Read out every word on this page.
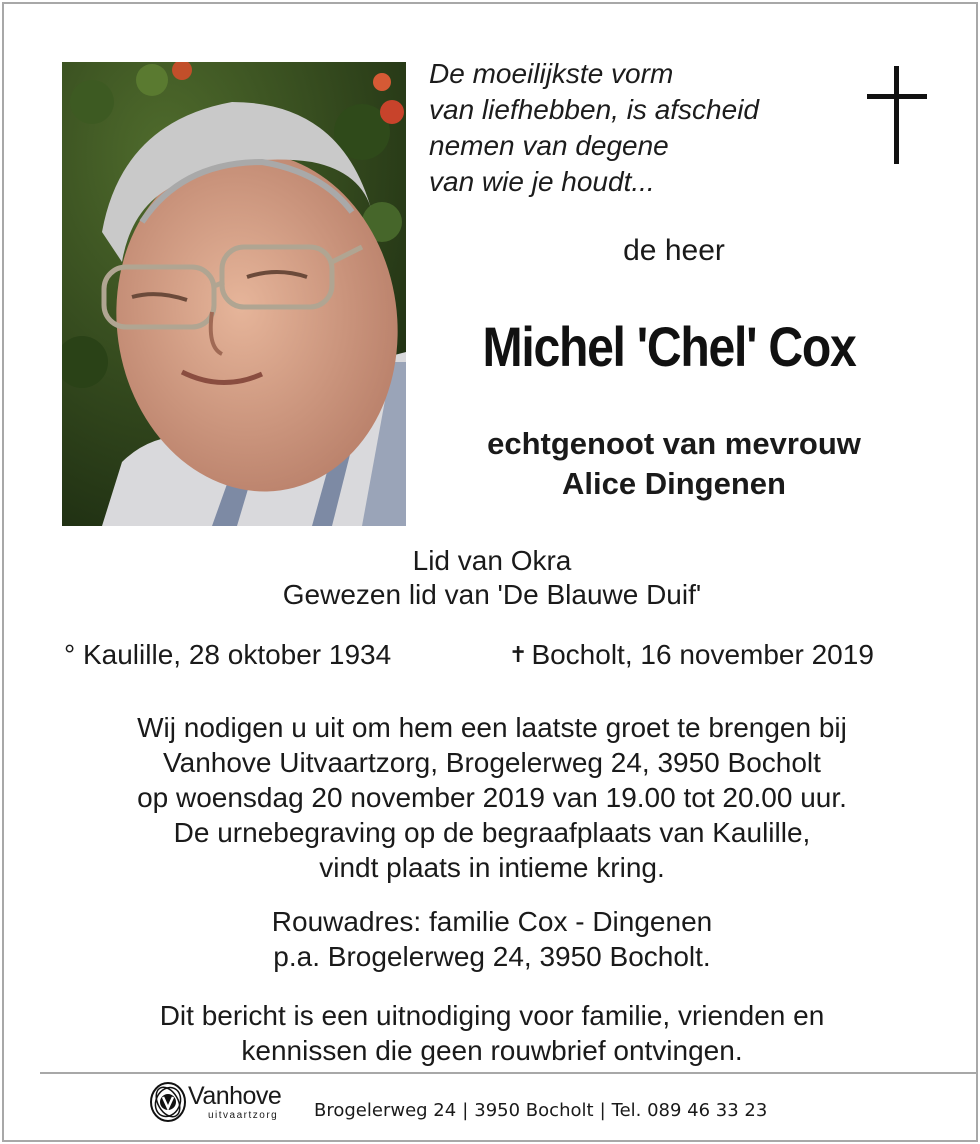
De moeilijkste vorm
van liefhebben, is afscheid
nemen van degene
van wie je houdt...
de heer
Michel 'Chel' Cox
echtgenoot van mevrouw
Alice Dingenen
Lid van Okra
Gewezen lid van 'De Blauwe Duif'
° Kaulille, 28 oktober 1934	✝ Bocholt, 16 november 2019
Wij nodigen u uit om hem een laatste groet te brengen bij
Vanhove Uitvaartzorg, Brogelerweg 24, 3950 Bocholt
op woensdag 20 november 2019 van 19.00 tot 20.00 uur.
De urnebegraving op de begraafplaats van Kaulille,
vindt plaats in intieme kring.
Rouwadres: familie Cox - Dingenen
p.a. Brogelerweg 24, 3950 Bocholt.
Dit bericht is een uitnodiging voor familie, vrienden en
kennissen die geen rouwbrief ontvingen.
Vanhove
uitvaartzorg Brogelerweg 24 | 3950 Bocholt | Tel. 089 46 33 23
